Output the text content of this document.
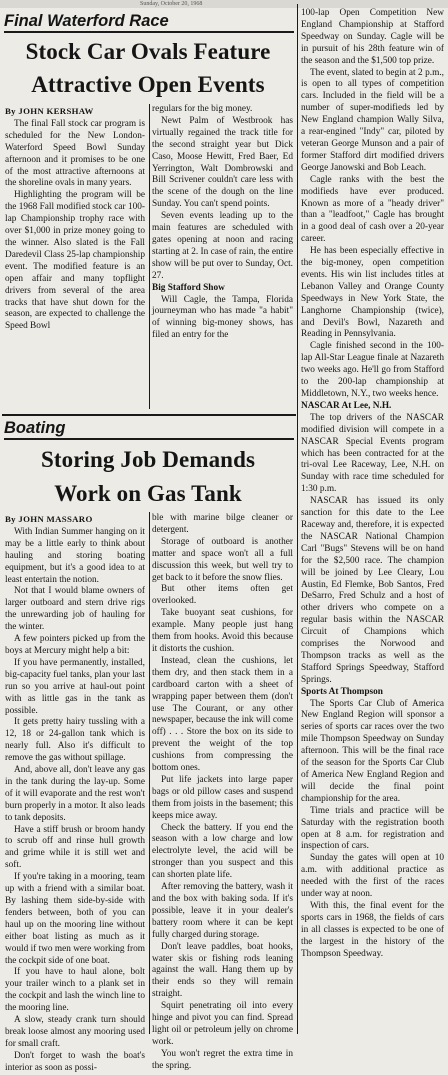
Sunday, October 20, 1968
Final Waterford Race
Stock Car Ovals Feature
Attractive Open Events

By JOHN KERSHAW

The final Fall stock car program is scheduled for the New London-Waterford Speed Bowl Sunday afternoon and it promises to be one of the most attractive afternoons at the shoreline ovals in many years.

Highlighting the program will be the 1968 Fall modified stock car 100-lap Championship trophy race with over $1,000 in prize money going to the winner. Also slated is the Fall Daredevil Class 25-lap championship event. The modified feature is an open affair and many topflight drivers from several of the area tracks that have shut down for the season, are expected to challenge the Speed Bowl

regulars for the big money.

Newt Palm of Westbrook has virtually regained the track title for the second straight year but Dick Caso, Moose Hewitt, Fred Baer, Ed Yerrington, Walt Dombrowski and Bill Scrivener couldn't care less with the scene of the dough on the line Sunday. You can't spend points.

Seven events leading up to the main features are scheduled with gates opening at noon and racing starting at 2. In case of rain, the entire show will be put over to Sunday, Oct. 27.

Big Stafford Show

Will Cagle, the Tampa, Florida journeyman who has made "a habit" of winning big-money shows, has filed an entry for the

100-lap Open Competition New England Championship at Stafford Speedway on Sunday. Cagle will be in pursuit of his 28th feature win of the season and the $1,500 top prize.

The event, slated to begin at 2 p.m., is open to all types of competition cars. Included in the field will be a number of super-modifieds led by New England champion Wally Silva, a rear-engined "Indy" car, piloted by veteran George Munson and a pair of former Stafford dirt modified drivers George Janowski and Bob Leach.

Cagle ranks with the best the modifieds have ever produced. Known as more of a "heady driver" than a "leadfoot," Cagle has brought in a good deal of cash over a 20-year career.

He has been especially effective in the big-money, open competition events. His win list includes titles at Lebanon Valley and Orange County Speedways in New York State, the Langhorne Championship (twice), and Devil's Bowl, Nazareth and Reading in Pennsylvania.

Cagle finished second in the 100-lap All-Star League finale at Nazareth two weeks ago. He'll go from Stafford to the 200-lap championship at Middletown, N.Y., two weeks hence.

NASCAR At Lee, N.H.

The top drivers of the NASCAR modified division will compete in a NASCAR Special Events program which has been contracted for at the tri-oval Lee Raceway, Lee, N.H. on Sunday with race time scheduled for 1:30 p.m.

NASCAR has issued its only sanction for this date to the Lee Raceway and, therefore, it is expected the NASCAR National Champion Carl "Bugs" Stevens will be on hand for the $2,500 race. The champion will be joined by Lee Cleary, Lou Austin, Ed Flemke, Bob Santos, Fred DeSarro, Fred Schulz and a host of other drivers who compete on a regular basis within the NASCAR Circuit of Champions which comprises the Norwood and Thompson tracks as well as the Stafford Springs Speedway, Stafford Springs.

Sports At Thompson

The Sports Car Club of America New England Region will sponsor a series of sports car races over the two mile Thompson Speedway on Sunday afternoon. This will be the final race of the season for the Sports Car Club of America New England Region and will decide the final point championship for the area.

Time trials and practice will be Saturday with the registration booth open at 8 a.m. for registration and inspection of cars.

Sunday the gates will open at 10 a.m. with additional practice as needed with the first of the races under way at noon.

With this, the final event for the sports cars in 1968, the fields of cars in all classes is expected to be one of the largest in the history of the Thompson Speedway.

Boating
Storing Job Demands
Work on Gas Tank

By JOHN MASSARO

With Indian Summer hanging on it may be a little early to think about hauling and storing boating equipment, but it's a good idea to at least entertain the notion.

Not that I would blame owners of larger outboard and stern drive rigs the unrewarding job of hauling for the winter.

A few pointers picked up from the boys at Mercury might help a bit:

If you have permanently, installed, big-capacity fuel tanks, plan your last run so you arrive at haul-out point with as little gas in the tank as possible.

It gets pretty hairy tussling with a 12, 18 or 24-gallon tank which is nearly full. Also it's difficult to remove the gas without spillage.

And, above all, don't leave any gas in the tank during the lay-up. Some of it will evaporate and the rest won't burn properly in a motor. It also leads to tank deposits.

Have a stiff brush or broom handy to scrub off and rinse hull growth and grime while it is still wet and soft.

If you're taking in a mooring, team up with a friend with a similar boat. By lashing them side-by-side with fenders between, both of you can haul up on the mooring line without either boat listing as much as it would if two men were working from the cockpit side of one boat.

If you have to haul alone, bolt your trailer winch to a plank set in the cockpit and lash the winch line to the mooring line.

A slow, steady crank turn should break loose almost any mooring used for small craft.

Don't forget to wash the boat's interior as soon as possi-

ble with marine bilge cleaner or detergent.

Storage of outboard is another matter and space won't all a full discussion this week, but well try to get back to it before the snow flies.

But other items often get overlooked.

Take buoyant seat cushions, for example. Many people just hang them from hooks. Avoid this because it distorts the cushion.

Instead, clean the cushions, let them dry, and then stack them in a cardboard carton with a sheet of wrapping paper between them (don't use The Courant, or any other newspaper, because the ink will come off) . . . Store the box on its side to prevent the weight of the top cushions from compressing the bottom ones.

Put life jackets into large paper bags or old pillow cases and suspend them from joists in the basement; this keeps mice away.

Check the battery. If you end the season with a low charge and low electrolyte level, the acid will be stronger than you suspect and this can shorten plate life.

After removing the battery, wash it and the box with baking soda. If it's possible, leave it in your dealer's battery room where it can be kept fully charged during storage.

Don't leave paddles, boat hooks, water skis or fishing rods leaning against the wall. Hang them up by their ends so they will remain straight.

Squirt penetrating oil into every hinge and pivot you can find. Spread light oil or petroleum jelly on chrome work.

You won't regret the extra time in the spring.
